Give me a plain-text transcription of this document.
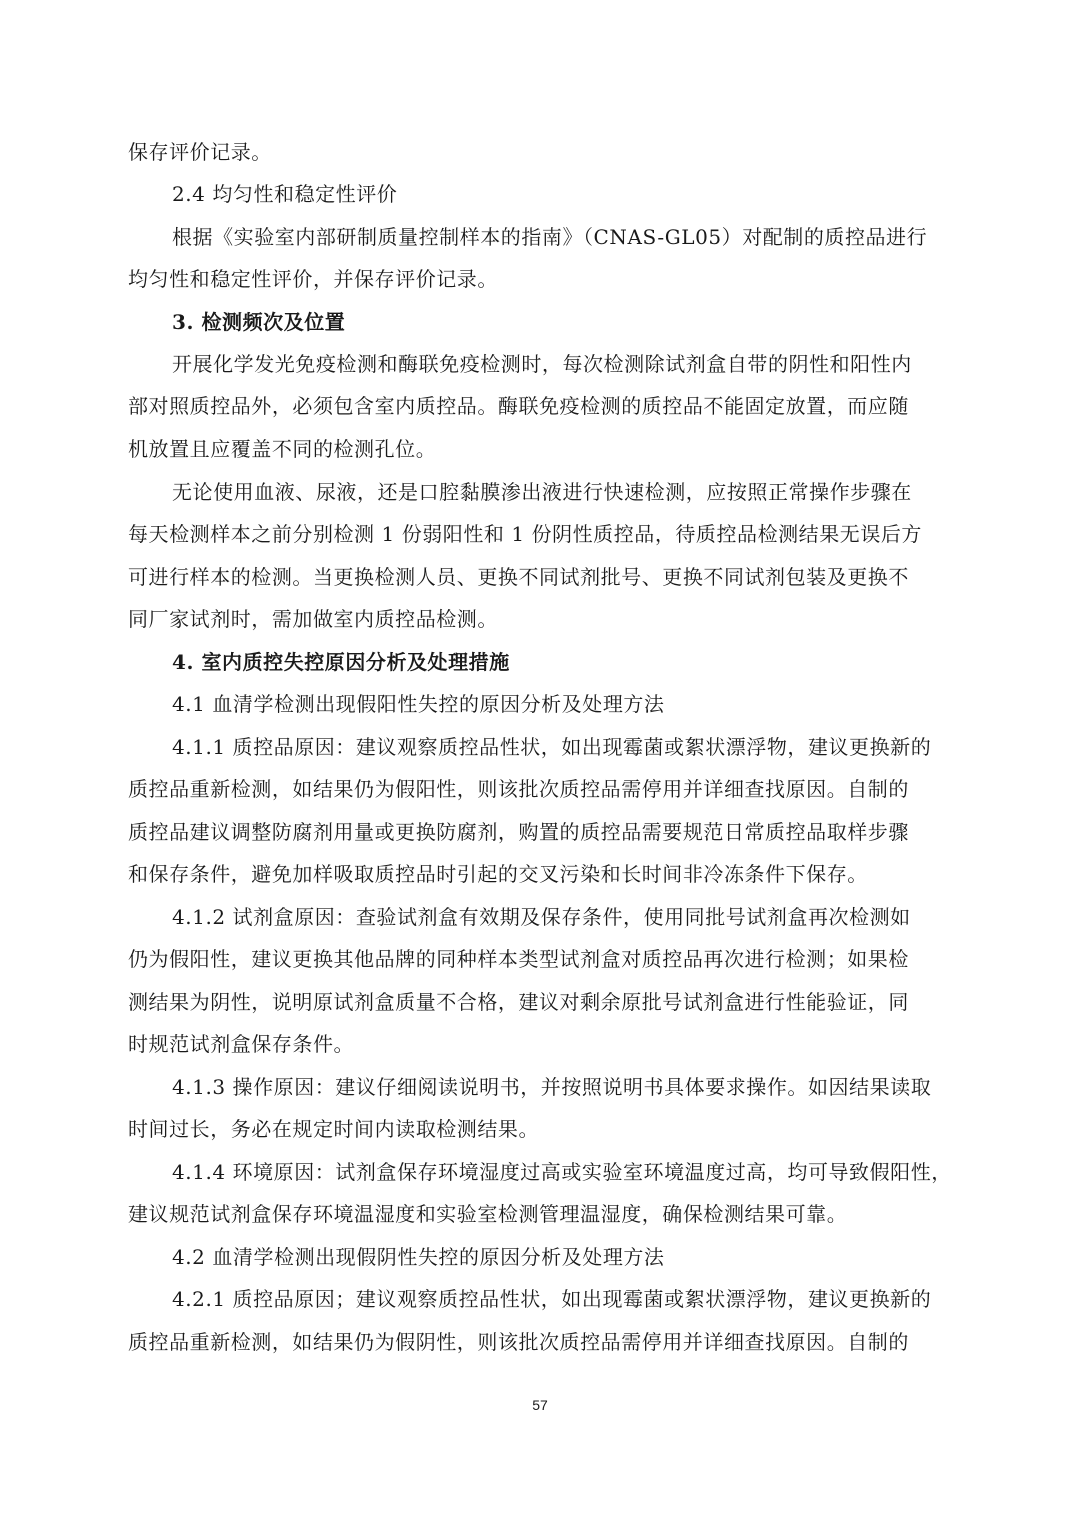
保存评价记录。

2.4 均匀性和稳定性评价

根据《实验室内部研制质量控制样本的指南》（CNAS-GL05）对配制的质控品进行

均匀性和稳定性评价，并保存评价记录。

3. 检测频次及位置

开展化学发光免疫检测和酶联免疫检测时，每次检测除试剂盒自带的阴性和阳性内

部对照质控品外，必须包含室内质控品。酶联免疫检测的质控品不能固定放置，而应随

机放置且应覆盖不同的检测孔位。

无论使用血液、尿液，还是口腔黏膜渗出液进行快速检测，应按照正常操作步骤在

每天检测样本之前分别检测 1 份弱阳性和 1 份阴性质控品，待质控品检测结果无误后方

可进行样本的检测。当更换检测人员、更换不同试剂批号、更换不同试剂包装及更换不

同厂家试剂时，需加做室内质控品检测。

4. 室内质控失控原因分析及处理措施

4.1 血清学检测出现假阳性失控的原因分析及处理方法

4.1.1 质控品原因：建议观察质控品性状，如出现霉菌或絮状漂浮物，建议更换新的

质控品重新检测，如结果仍为假阳性，则该批次质控品需停用并详细查找原因。自制的

质控品建议调整防腐剂用量或更换防腐剂，购置的质控品需要规范日常质控品取样步骤

和保存条件，避免加样吸取质控品时引起的交叉污染和长时间非冷冻条件下保存。

4.1.2 试剂盒原因：查验试剂盒有效期及保存条件，使用同批号试剂盒再次检测如

仍为假阳性，建议更换其他品牌的同种样本类型试剂盒对质控品再次进行检测；如果检

测结果为阴性，说明原试剂盒质量不合格，建议对剩余原批号试剂盒进行性能验证，同

时规范试剂盒保存条件。

4.1.3 操作原因：建议仔细阅读说明书，并按照说明书具体要求操作。如因结果读取

时间过长，务必在规定时间内读取检测结果。

4.1.4 环境原因：试剂盒保存环境湿度过高或实验室环境温度过高，均可导致假阳性，

建议规范试剂盒保存环境温湿度和实验室检测管理温湿度，确保检测结果可靠。

4.2 血清学检测出现假阴性失控的原因分析及处理方法

4.2.1 质控品原因；建议观察质控品性状，如出现霉菌或絮状漂浮物，建议更换新的

质控品重新检测，如结果仍为假阴性，则该批次质控品需停用并详细查找原因。自制的

57
